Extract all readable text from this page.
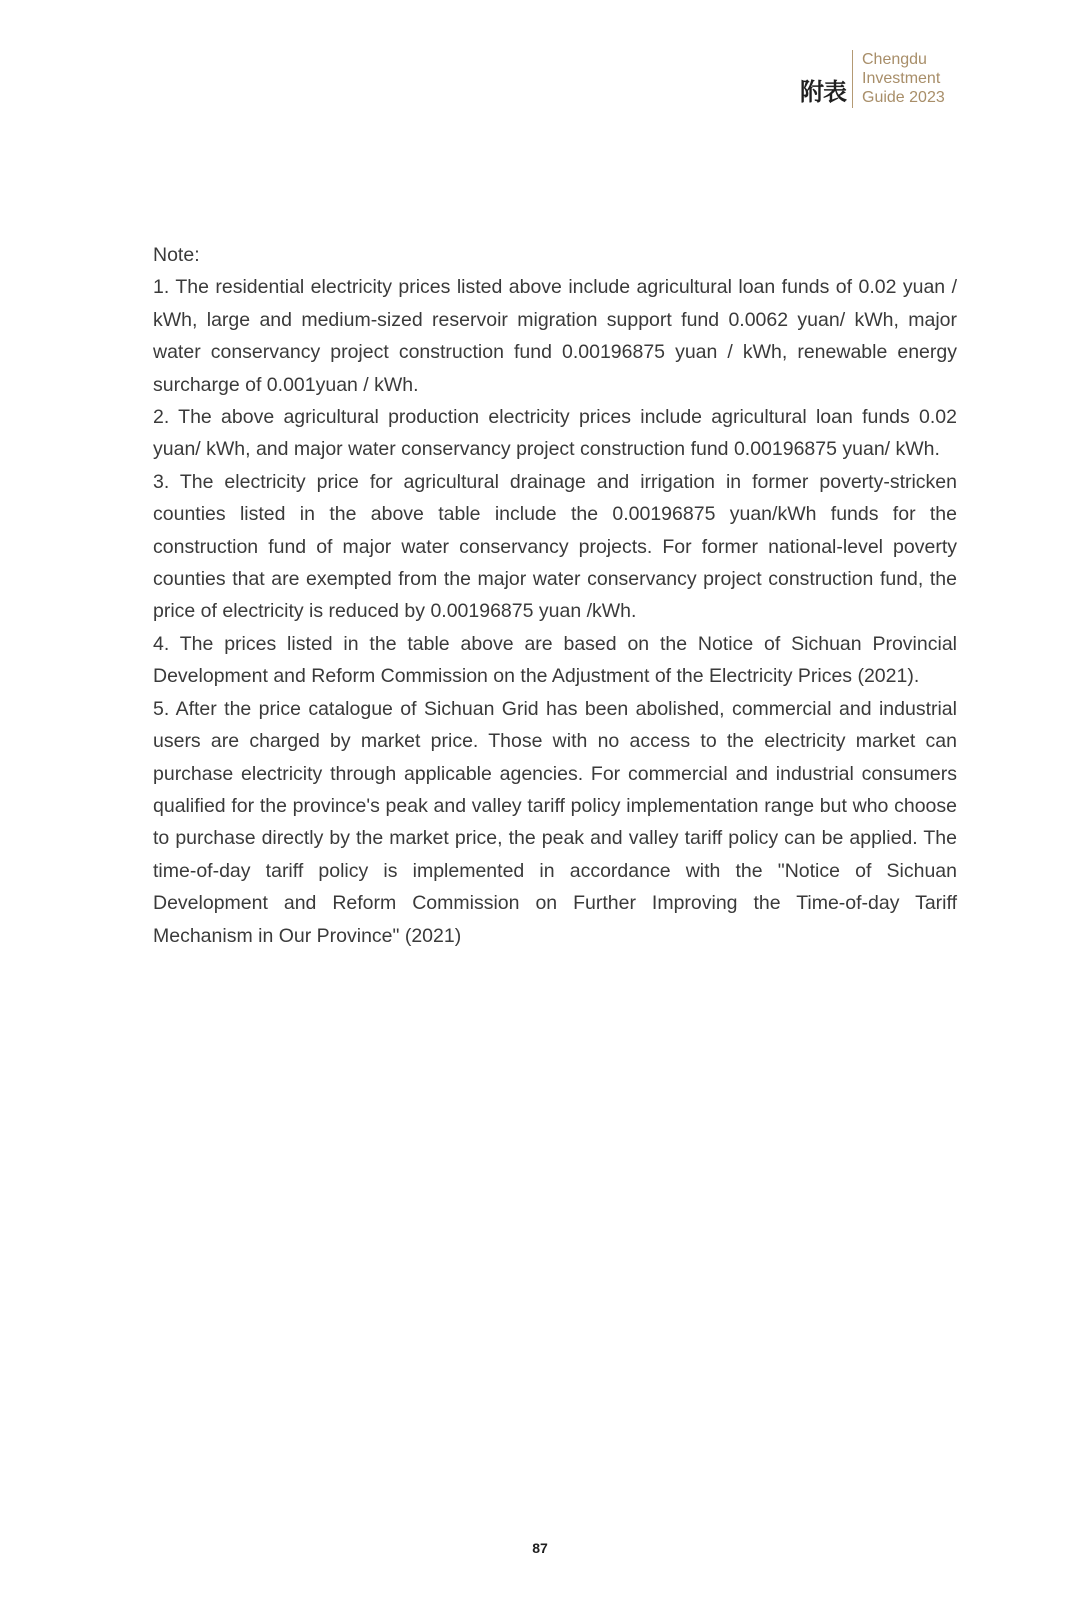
附表
Chengdu
Investment
Guide 2023

Note:

1. The residential electricity prices listed above include agricultural loan funds of 0.02 yuan / kWh, large and medium-sized reservoir migration support fund 0.0062 yuan/ kWh, major water conservancy project construction fund 0.00196875 yuan / kWh, renewable energy surcharge of 0.001yuan / kWh.

2. The above agricultural production electricity prices include agricultural loan funds 0.02 yuan/ kWh, and major water conservancy project construction fund 0.00196875 yuan/ kWh.

3. The electricity price for agricultural drainage and irrigation in former poverty-stricken counties listed in the above table include the 0.00196875 yuan/kWh funds for the construction fund of major water conservancy projects. For former national-level poverty counties that are exempted from the major water conservancy project construction fund, the price of electricity is reduced by 0.00196875 yuan /kWh.

4. The prices listed in the table above are based on the Notice of Sichuan Provincial Development and Reform Commission on the Adjustment of the Electricity Prices (2021).

5. After the price catalogue of Sichuan Grid has been abolished, commercial and industrial users are charged by market price. Those with no access to the electricity market can purchase electricity through applicable agencies. For commercial and industrial consumers qualified for the province's peak and valley tariff policy implementation range but who choose to purchase directly by the market price, the peak and valley tariff policy can be applied. The time-of-day tariff policy is implemented in accordance with the "Notice of Sichuan Development and Reform Commission on Further Improving the Time-of-day Tariff Mechanism in Our Province" (2021)

87
